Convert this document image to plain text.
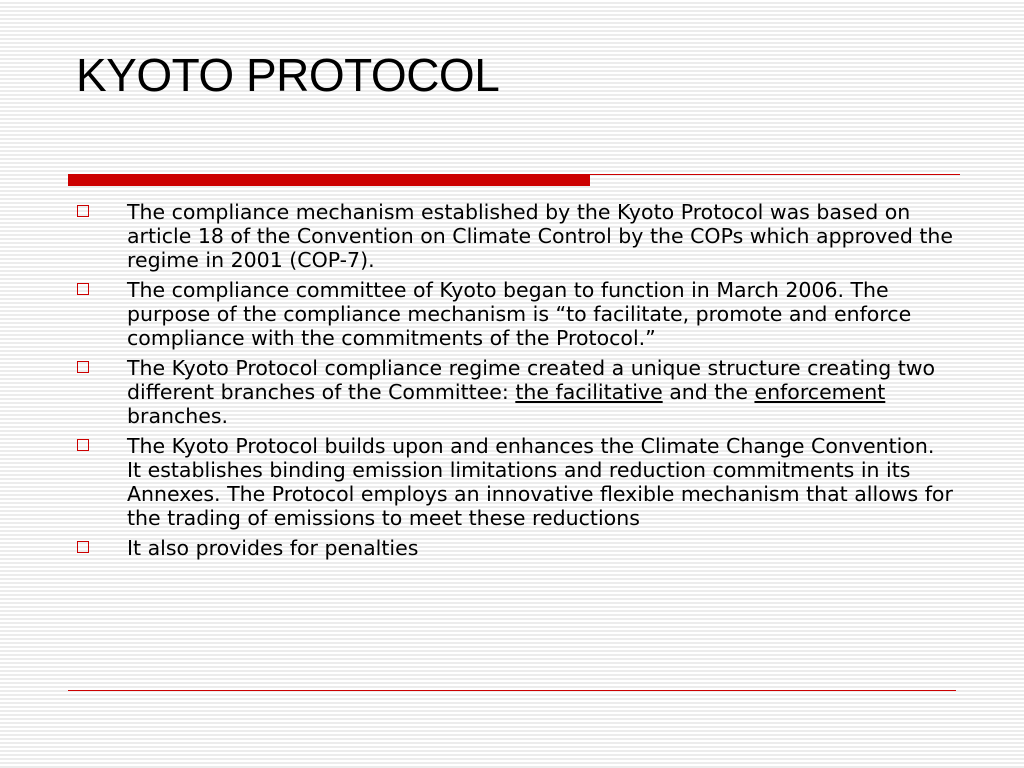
KYOTO PROTOCOL
The compliance mechanism established by the Kyoto Protocol was based on article 18 of the Convention on Climate Control by the COPs which approved the regime in 2001 (COP-7).
The compliance committee of Kyoto began to function in March 2006. The purpose of the compliance mechanism is “to facilitate, promote and enforce compliance with the commitments of the Protocol.”
The Kyoto Protocol compliance regime created a unique structure creating two different branches of the Committee: the facilitative and the enforcement branches.
The Kyoto Protocol builds upon and enhances the Climate Change Convention. It establishes binding emission limitations and reduction commitments in its Annexes. The Protocol employs an innovative flexible mechanism that allows for the trading of emissions to meet these reductions
It also provides for penalties
